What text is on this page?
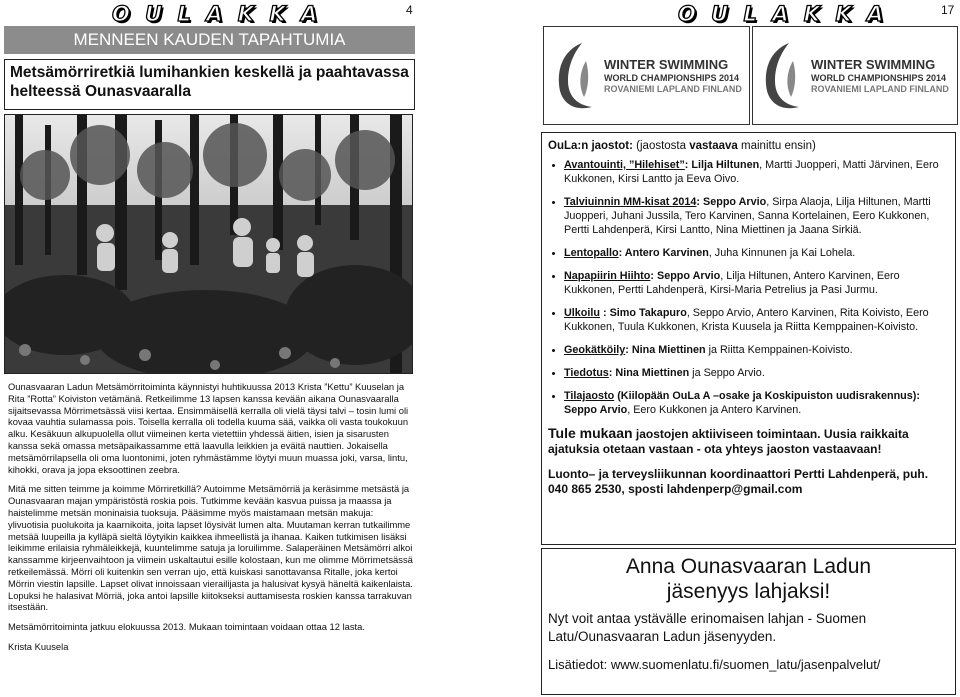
O U L A K K A	4
MENNEEN KAUDEN TAPAHTUMIA
Metsämörriretkiä lumihankien keskellä ja paahtavassa helteessä Ounasvaaralla

Ounasvaaran Ladun Metsämörritoiminta käynnistyi huhtikuussa 2013 Krista ”Kettu” Kuuselan ja Rita ”Rotta” Koiviston vetämänä. Retkeilimme 13 lapsen kanssa kevään aikana Ounasvaaralla sijaitsevassa Mörrimetsässä viisi kertaa. Ensimmäisellä kerralla oli vielä täysi talvi – tosin lumi oli kovaa vauhtia sulamassa pois. Toisella kerralla oli todella kuuma sää, vaikka oli vasta toukokuun alku. Kesäkuun alkupuolella ollut viimeinen kerta vietettiin yhdessä äitien, isien ja sisarusten kanssa sekä omassa metsäpaikassamme että laavulla leikkien ja eväitä nauttien. Jokaisella metsämörrilapsella oli oma luontonimi, joten ryhmästämme löytyi muun muassa joki, varsa, lintu, kihokki, orava ja jopa eksoottinen zeebra.

Mitä me sitten teimme ja koimme Mörriretkillä? Autoimme Metsämörriä ja keräsimme metsästä ja Ounasvaaran majan ympäristöstä roskia pois. Tutkimme kevään kasvua puissa ja maassa ja haistelimme metsän moninaisia tuoksuja. Pääsimme myös maistamaan metsän makuja: ylivuotisia puolukoita ja kaarnikoita, joita lapset löysivät lumen alta. Muutaman kerran tutkailimme metsää luupeilla ja kylläpä sieltä löytyikin kaikkea ihmeellistä ja ihanaa. Kaiken tutkimisen lisäksi leikimme erilaisia ryhmäleikkejä, kuuntelimme satuja ja loruilimme. Salaperäinen Metsämörri alkoi kanssamme kirjeenvaihtoon ja viimein uskaltautui esille kolostaan, kun me olimme Mörrimetsässä retkeilemässä. Mörri oli kuitenkin sen verran ujo, että kuiskasi sanottavansa Ritalle, joka kertoi Mörrin viestin lapsille. Lapset olivat innoissaan vierailijasta ja halusivat kysyä häneltä kaikenlaista. Lopuksi he halasivat Mörriä, joka antoi lapsille kiitokseksi auttamisesta roskien kanssa tarrakuvan itsestään.

Metsämörritoiminta jatkuu elokuussa 2013. Mukaan toimintaan voidaan ottaa 12 lasta.

Krista Kuusela

O U L A K K A	17
WINTER SWIMMING
WORLD CHAMPIONSHIPS 2014
ROVANIEMI LAPLAND FINLAND
WINTER SWIMMING
WORLD CHAMPIONSHIPS 2014
ROVANIEMI LAPLAND FINLAND
OuLa:n jaostot: (jaostosta vastaava mainittu ensin)
• Avantouinti, ”Hilehiset”: Lilja Hiltunen, Martti Juopperi, Matti Järvinen, Eero Kukkonen, Kirsi Lantto ja Eeva Oivo.
• Talviuinnin MM-kisat 2014: Seppo Arvio, Sirpa Alaoja, Lilja Hiltunen, Martti Juopperi, Juhani Jussila, Tero Karvinen, Sanna Kortelainen, Eero Kukkonen, Pertti Lahdenperä, Kirsi Lantto, Nina Miettinen ja Jaana Sirkiä.
• Lentopallo: Antero Karvinen, Juha Kinnunen ja Kai Lohela.
• Napapiirin Hiihto: Seppo Arvio, Lilja Hiltunen, Antero Karvinen, Eero Kukkonen, Pertti Lahdenperä, Kirsi-Maria Petrelius ja Pasi Jurmu.
• Ulkoilu : Simo Takapuro, Seppo Arvio, Antero Karvinen, Rita Koivisto, Eero Kukkonen, Tuula Kukkonen, Krista Kuusela ja Riitta Kemppainen-Koivisto.
• Geokätköily: Nina Miettinen ja Riitta Kemppainen-Koivisto.
• Tiedotus: Nina Miettinen ja Seppo Arvio.
• Tilajaosto (Kiilopään OuLa A –osake ja Koskipuiston uudisrakennus): Seppo Arvio, Eero Kukkonen ja Antero Karvinen.
Tule mukaan jaostojen aktiiviseen toimintaan. Uusia raikkaita ajatuksia otetaan vastaan - ota yhteys jaoston vastaavaan!
Luonto– ja terveysliikunnan koordinaattori Pertti Lahdenperä, puh. 040 865 2530, sposti lahdenperp@gmail.com
Anna Ounasvaaran Ladun
jäsenyys lahjaksi!
Nyt voit antaa ystävälle erinomaisen lahjan - Suomen Latu/Ounasvaaran Ladun jäsenyyden.
Lisätiedot: www.suomenlatu.fi/suomen_latu/jasenpalvelut/
